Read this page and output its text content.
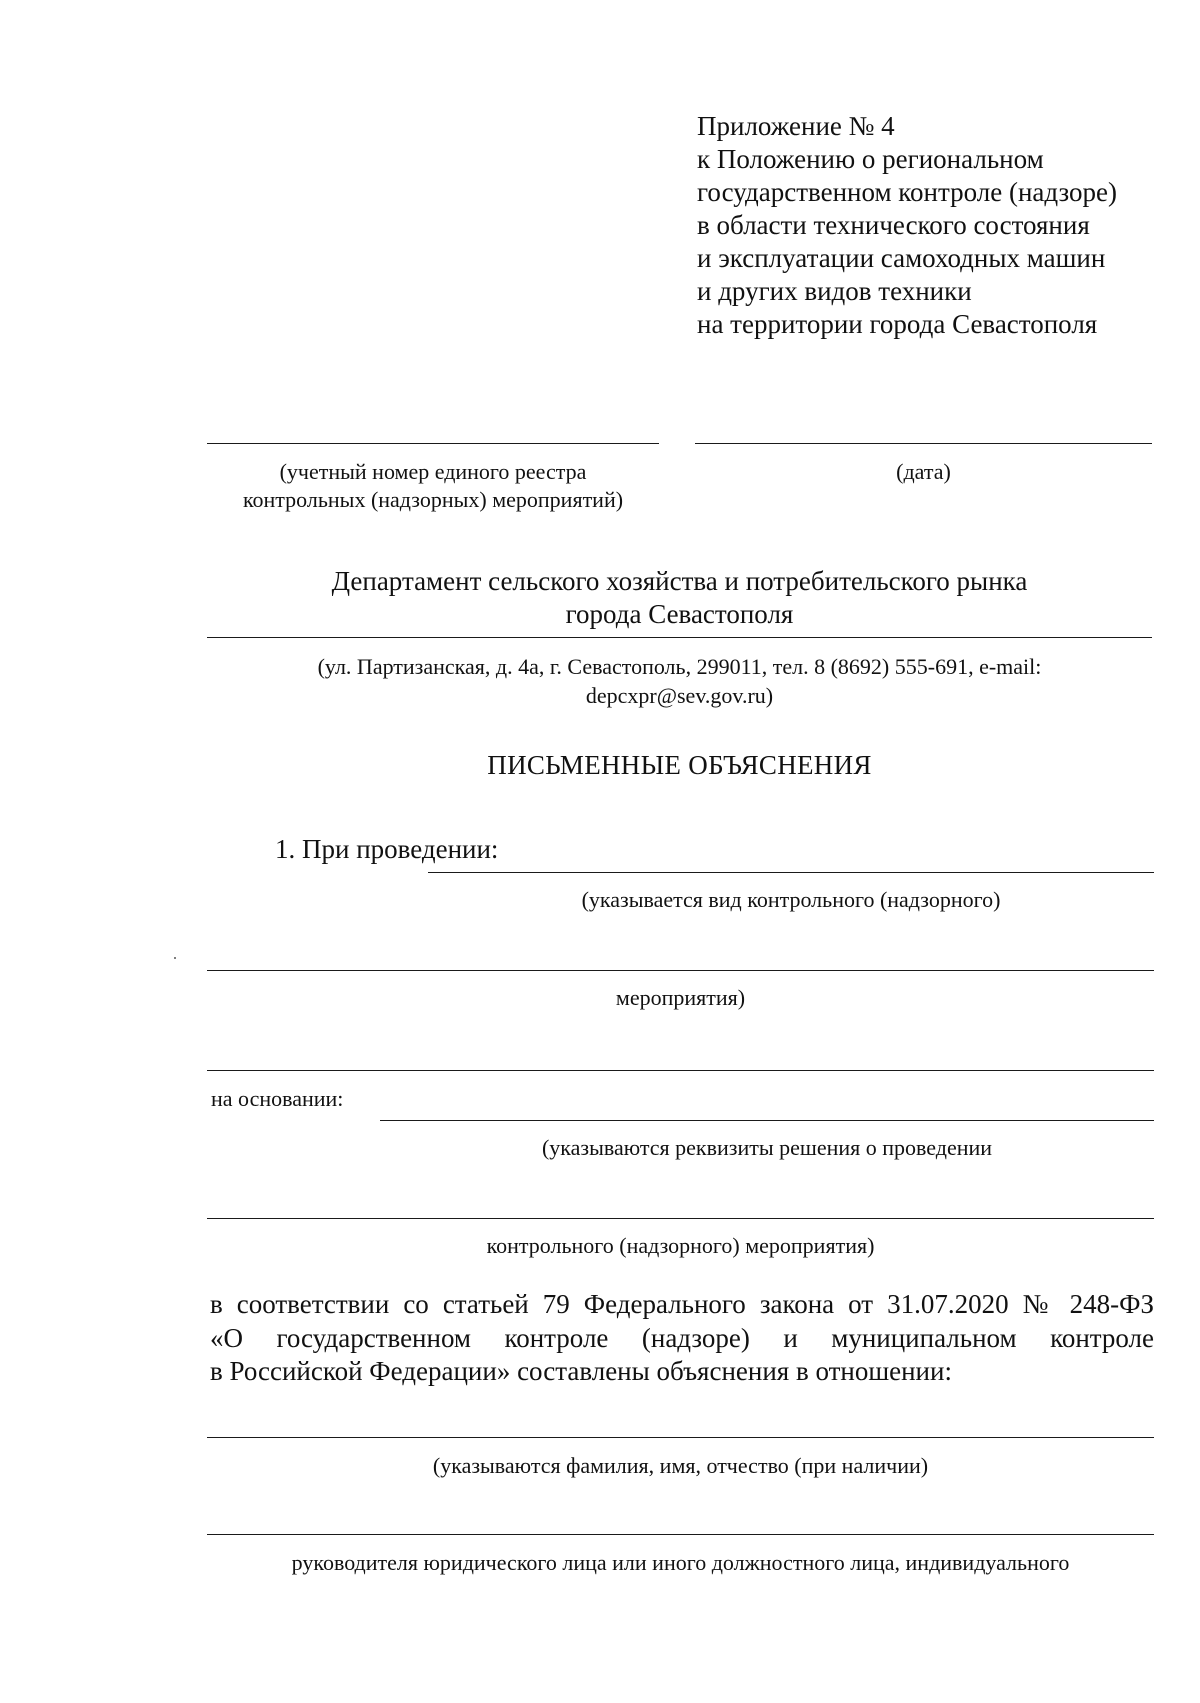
Приложение № 4
к Положению о региональном
государственном контроле (надзоре)
в области технического состояния
и эксплуатации самоходных машин
и других видов техники
на территории города Севастополя
(учетный номер единого реестра
контрольных (надзорных) мероприятий)
(дата)
Департамент сельского хозяйства и потребительского рынка
города Севастополя
(ул. Партизанская, д. 4а, г. Севастополь, 299011, тел. 8 (8692) 555-691, e-mail:
depcxpr@sev.gov.ru)
ПИСЬМЕННЫЕ ОБЪЯСНЕНИЯ
1. При проведении:
(указывается вид контрольного (надзорного)
мероприятия)
на основании:
(указываются реквизиты решения о проведении
контрольного (надзорного) мероприятия)
в соответствии со статьей 79 Федерального закона от 31.07.2020 № 248-ФЗ
«О государственном контроле (надзоре) и муниципальном контроле
в Российской Федерации» составлены объяснения в отношении:
(указываются фамилия, имя, отчество (при наличии)
руководителя юридического лица или иного должностного лица, индивидуального
